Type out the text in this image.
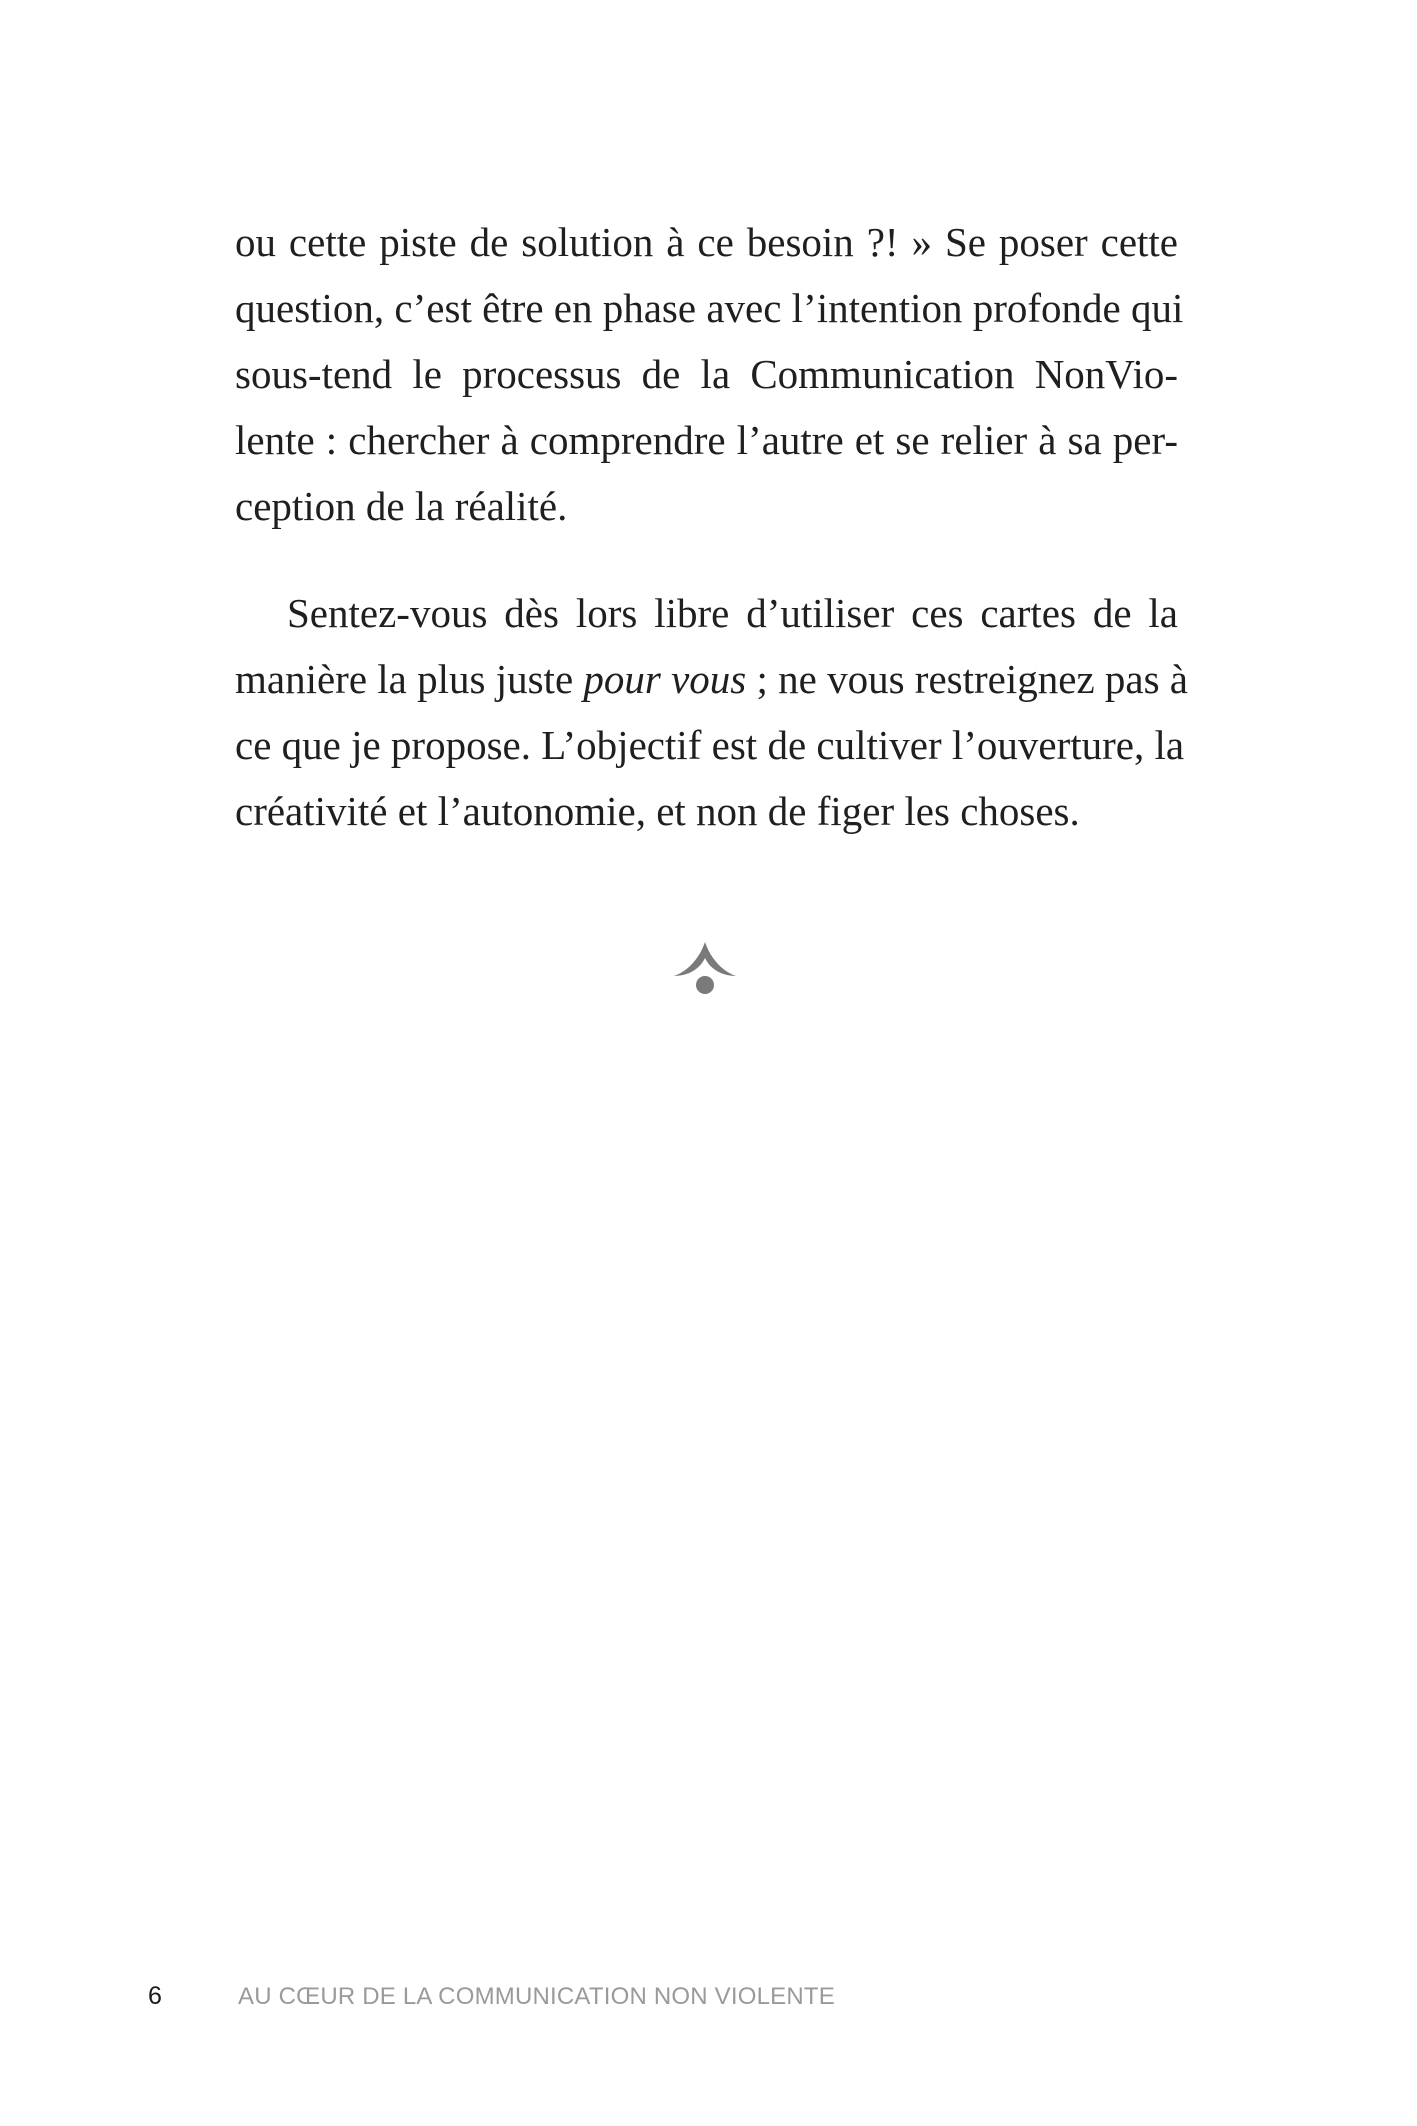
ou cette piste de solution à ce besoin ?! » Se poser cette
question, c’est être en phase avec l’intention profonde qui
sous-tend le processus de la Communication NonVio-
lente : chercher à comprendre l’autre et se relier à sa per-
ception de la réalité.
Sentez-vous dès lors libre d’utiliser ces cartes de la
manière la plus juste pour vous ; ne vous restreignez pas à
ce que je propose. L’objectif est de cultiver l’ouverture, la
créativité et l’autonomie, et non de figer les choses.
6	AU CŒUR DE LA COMMUNICATION NON VIOLENTE
